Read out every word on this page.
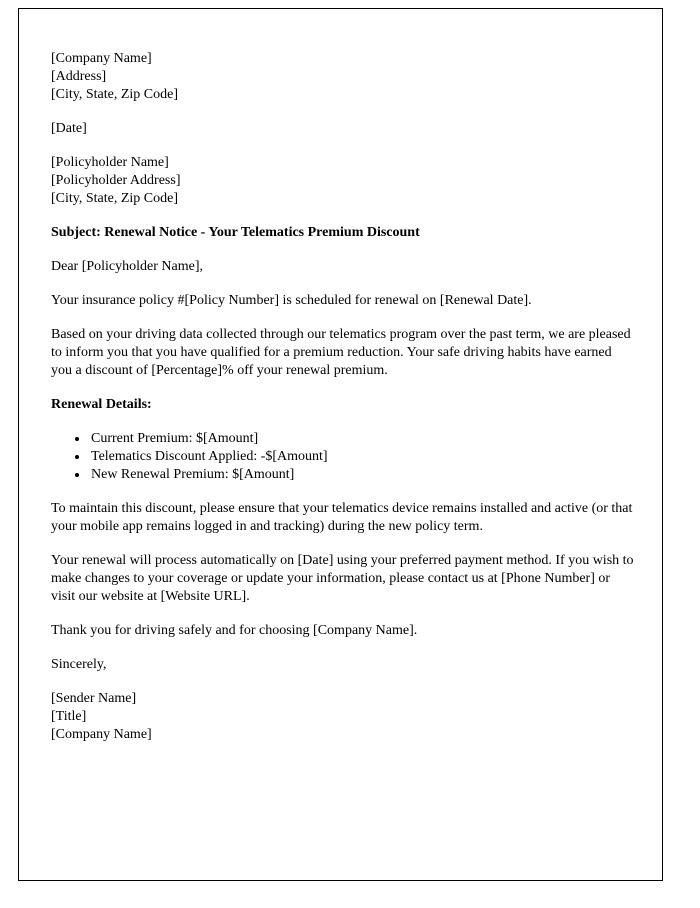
[Company Name]
[Address]
[City, State, Zip Code]
[Date]
[Policyholder Name]
[Policyholder Address]
[City, State, Zip Code]
Subject: Renewal Notice - Your Telematics Premium Discount
Dear [Policyholder Name],
Your insurance policy #[Policy Number] is scheduled for renewal on [Renewal Date].
Based on your driving data collected through our telematics program over the past term, we are pleased to inform you that you have qualified for a premium reduction. Your safe driving habits have earned you a discount of [Percentage]% off your renewal premium.
Renewal Details:
• Current Premium: $[Amount]
• Telematics Discount Applied: -$[Amount]
• New Renewal Premium: $[Amount]
To maintain this discount, please ensure that your telematics device remains installed and active (or that your mobile app remains logged in and tracking) during the new policy term.
Your renewal will process automatically on [Date] using your preferred payment method. If you wish to make changes to your coverage or update your information, please contact us at [Phone Number] or visit our website at [Website URL].
Thank you for driving safely and for choosing [Company Name].
Sincerely,
[Sender Name]
[Title]
[Company Name]
